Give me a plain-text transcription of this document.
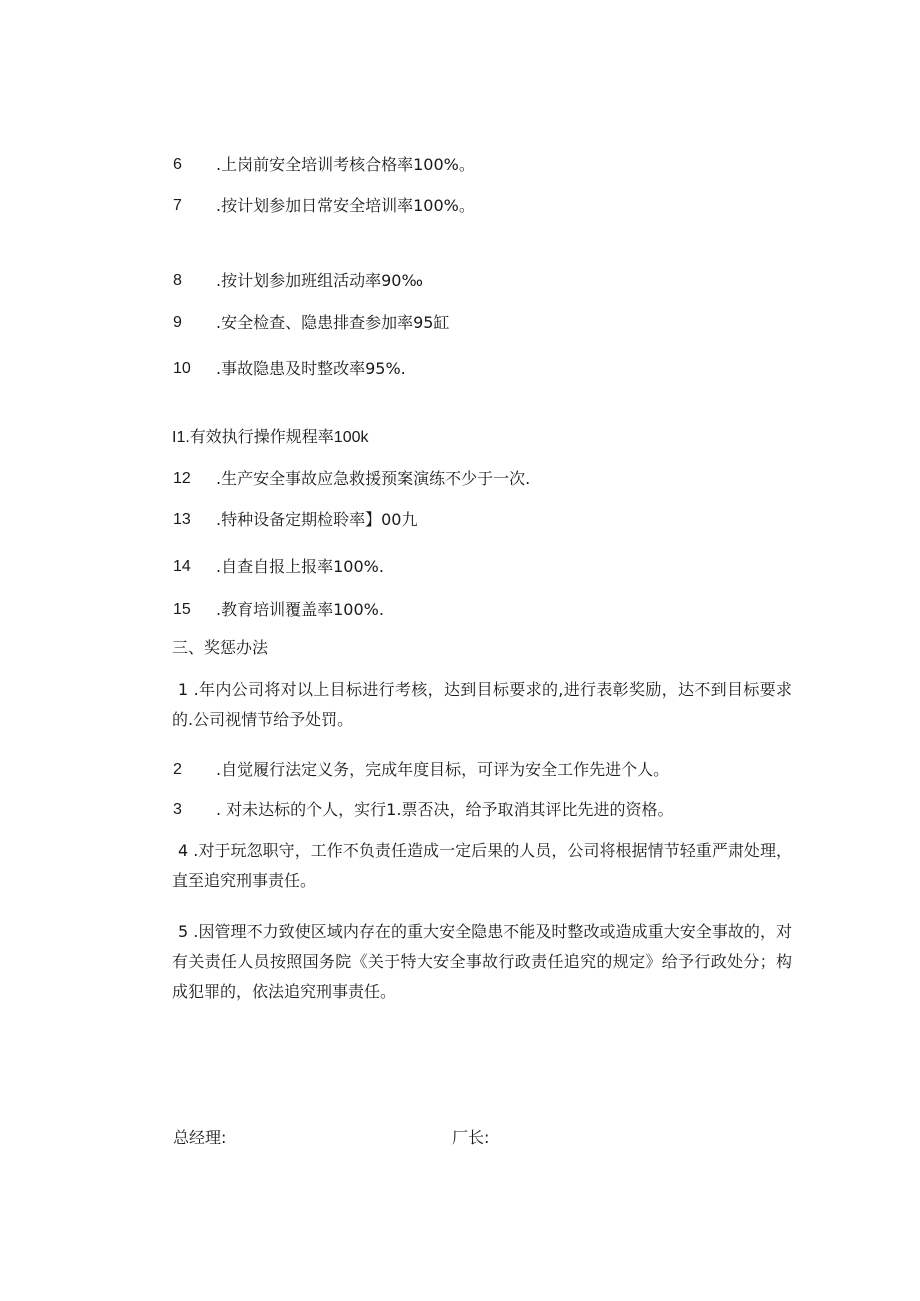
6 .上岗前安全培训考核合格率100%。
7 .按计划参加日常安全培训率100%。
8 .按计划参加班组活动率90‰
9 .安全检查、隐患排查参加率95缸
10 .事故隐患及时整改率95%.
I1.有效执行操作规程率100k
12 .生产安全事故应急救援预案演练不少于一次.
13 .特种设备定期检聆率】00九
14 .自查自报上报率100%.
15 .教育培训覆盖率100%.
三、奖惩办法
1 .年内公司将对以上目标进行考核，达到目标要求的,进行表彰奖励，达不到目标要求的.公司视情节给予处罚。
2 .自觉履行法定义务，完成年度目标，可评为安全工作先进个人。
3 . 对未达标的个人，实行1.票否决，给予取消其评比先进的资格。
4 .对于玩忽职守，工作不负责任造成一定后果的人员，公司将根据情节轻重严肃处理，直至追究刑事责任。
5 .因管理不力致使区域内存在的重大安全隐患不能及时整改或造成重大安全事故的，对有关责任人员按照国务院《关于特大安全事故行政责任追究的规定》给予行政处分；构成犯罪的，依法追究刑事责任。
总经理:	厂长:
